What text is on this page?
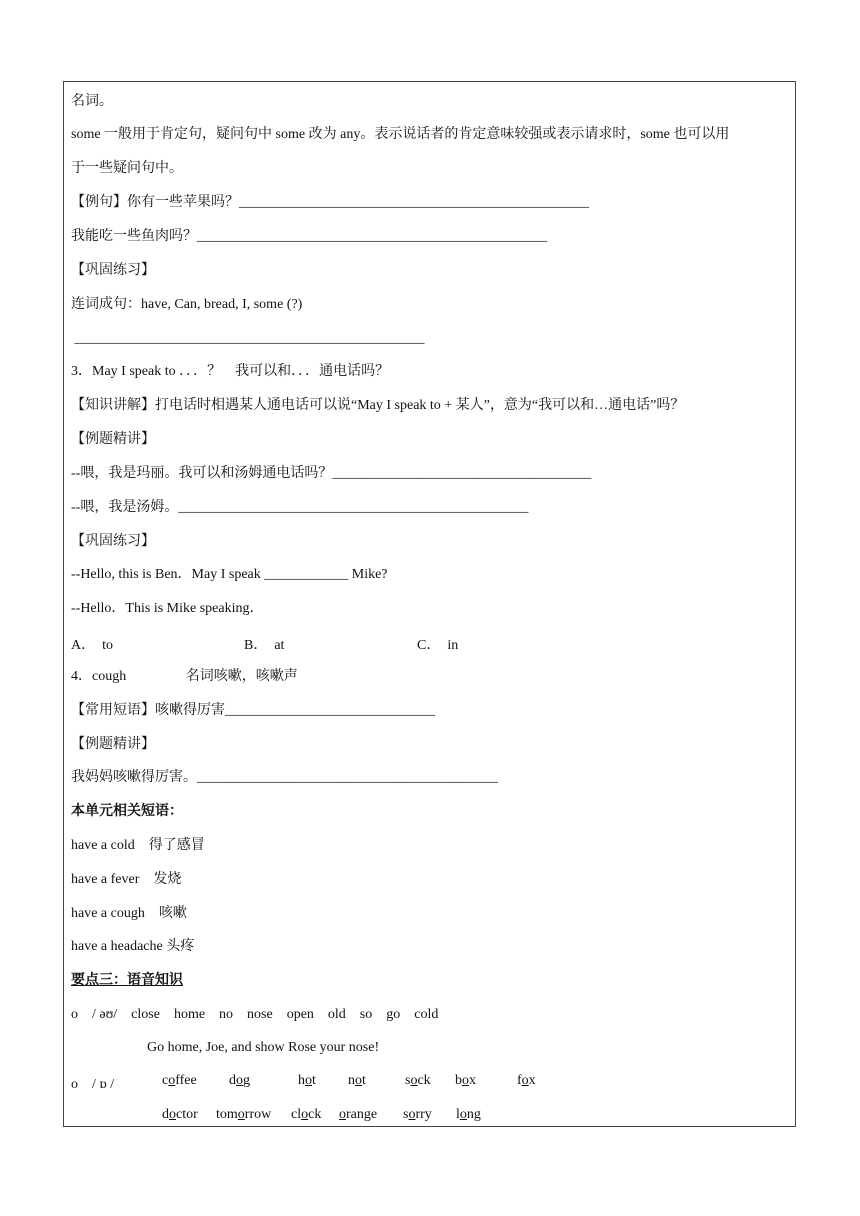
名词。
some 一般用于肯定句，疑问句中 some 改为 any。表示说话者的肯定意味较强或表示请求时，some 也可以用
于一些疑问句中。
【例句】你有一些苹果吗？__________________________________________________
我能吃一些鱼肉吗？__________________________________________________
【巩固练习】
连词成句：have, Can, bread, I, some (?)
__________________________________________________
3．May I speak to ．．．？　我可以和．．．通电话吗？
【知识讲解】打电话时相遇某人通电话可以说“May I speak to + 某人”，意为“我可以和…通电话”吗？
【例题精讲】
--喂，我是玛丽。我可以和汤姆通电话吗？_____________________________________
--喂，我是汤姆。__________________________________________________
【巩固练习】
--Hello, this is Ben．May I speak ____________ Mike?
--Hello．This is Mike speaking．
A．  to	B．  at	C．  in
4．cough　　　　 名词咳嗽，咳嗽声
【常用短语】咳嗽得厉害______________________________
【例题精讲】
我妈妈咳嗽得厉害。___________________________________________
本单元相关短语：
have a cold　得了感冒
have a fever　发烧
have a cough　咳嗽
have a headache 头疼
要点三：语音知识
o　/ əʊ/　close　home　no　nose　open　old　so　go　cold
Go home, Joe, and show Rose your nose!
o　/ ɒ /	coffee dog	hot not	sock box	fox
doctor tomorrow clock orange sorry long
